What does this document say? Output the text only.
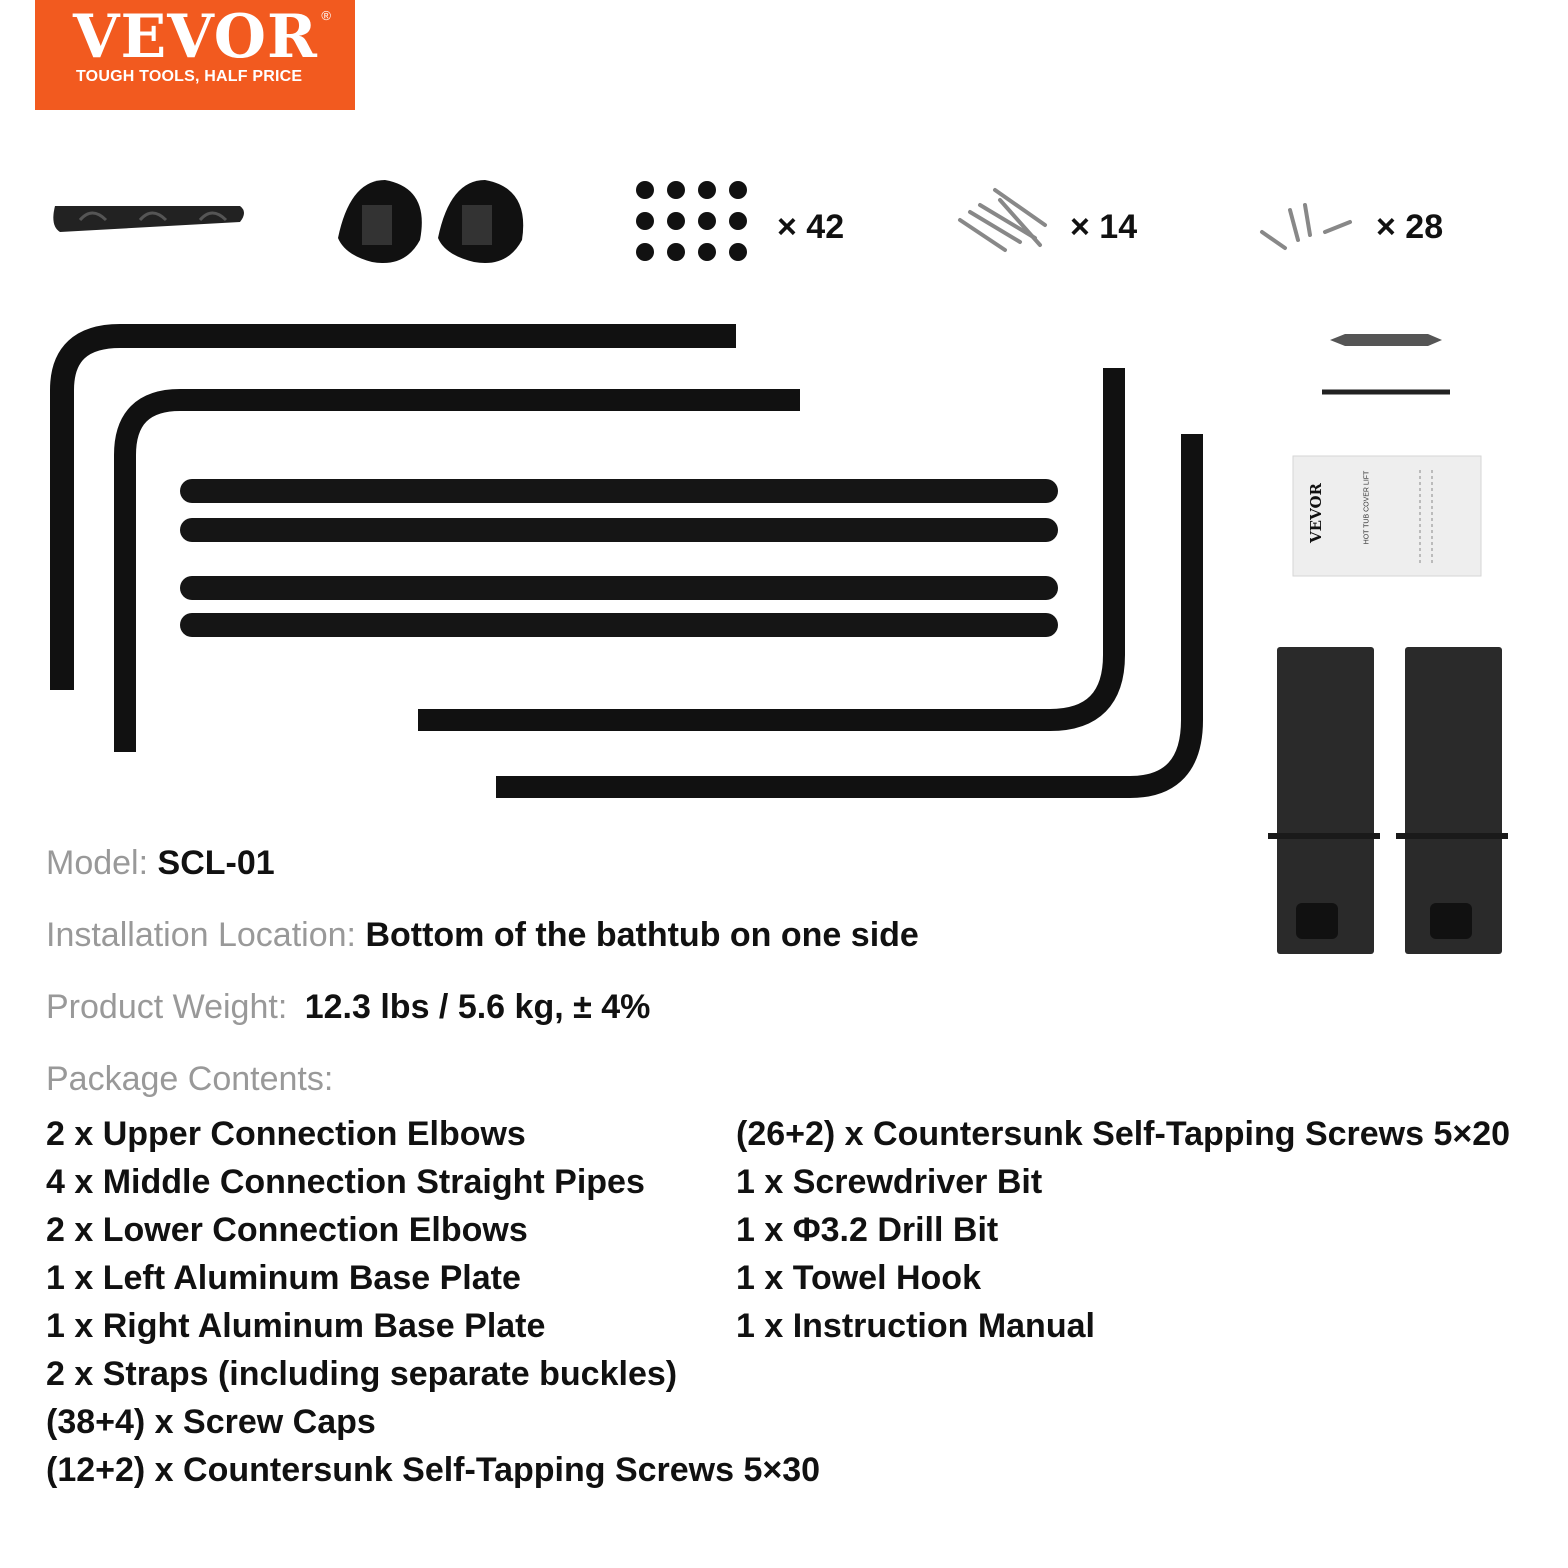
VEVOR ®
TOUGH TOOLS, HALF PRICE
VEVOR	HOT TUB COVER LIFT
× 42	× 14	× 28
Model: SCL-01
Installation Location: Bottom of the bathtub on one side
Product Weight: 12.3 lbs / 5.6 kg, ± 4%
Package Contents:
2 x Upper Connection Elbows
4 x Middle Connection Straight Pipes
2 x Lower Connection Elbows
1 x Left Aluminum Base Plate
1 x Right Aluminum Base Plate
2 x Straps (including separate buckles)
(38+4) x Screw Caps
(12+2) x Countersunk Self-Tapping Screws 5×30
(26+2) x Countersunk Self-Tapping Screws 5×20
1 x Screwdriver Bit
1 x Φ3.2 Drill Bit
1 x Towel Hook
1 x Instruction Manual
